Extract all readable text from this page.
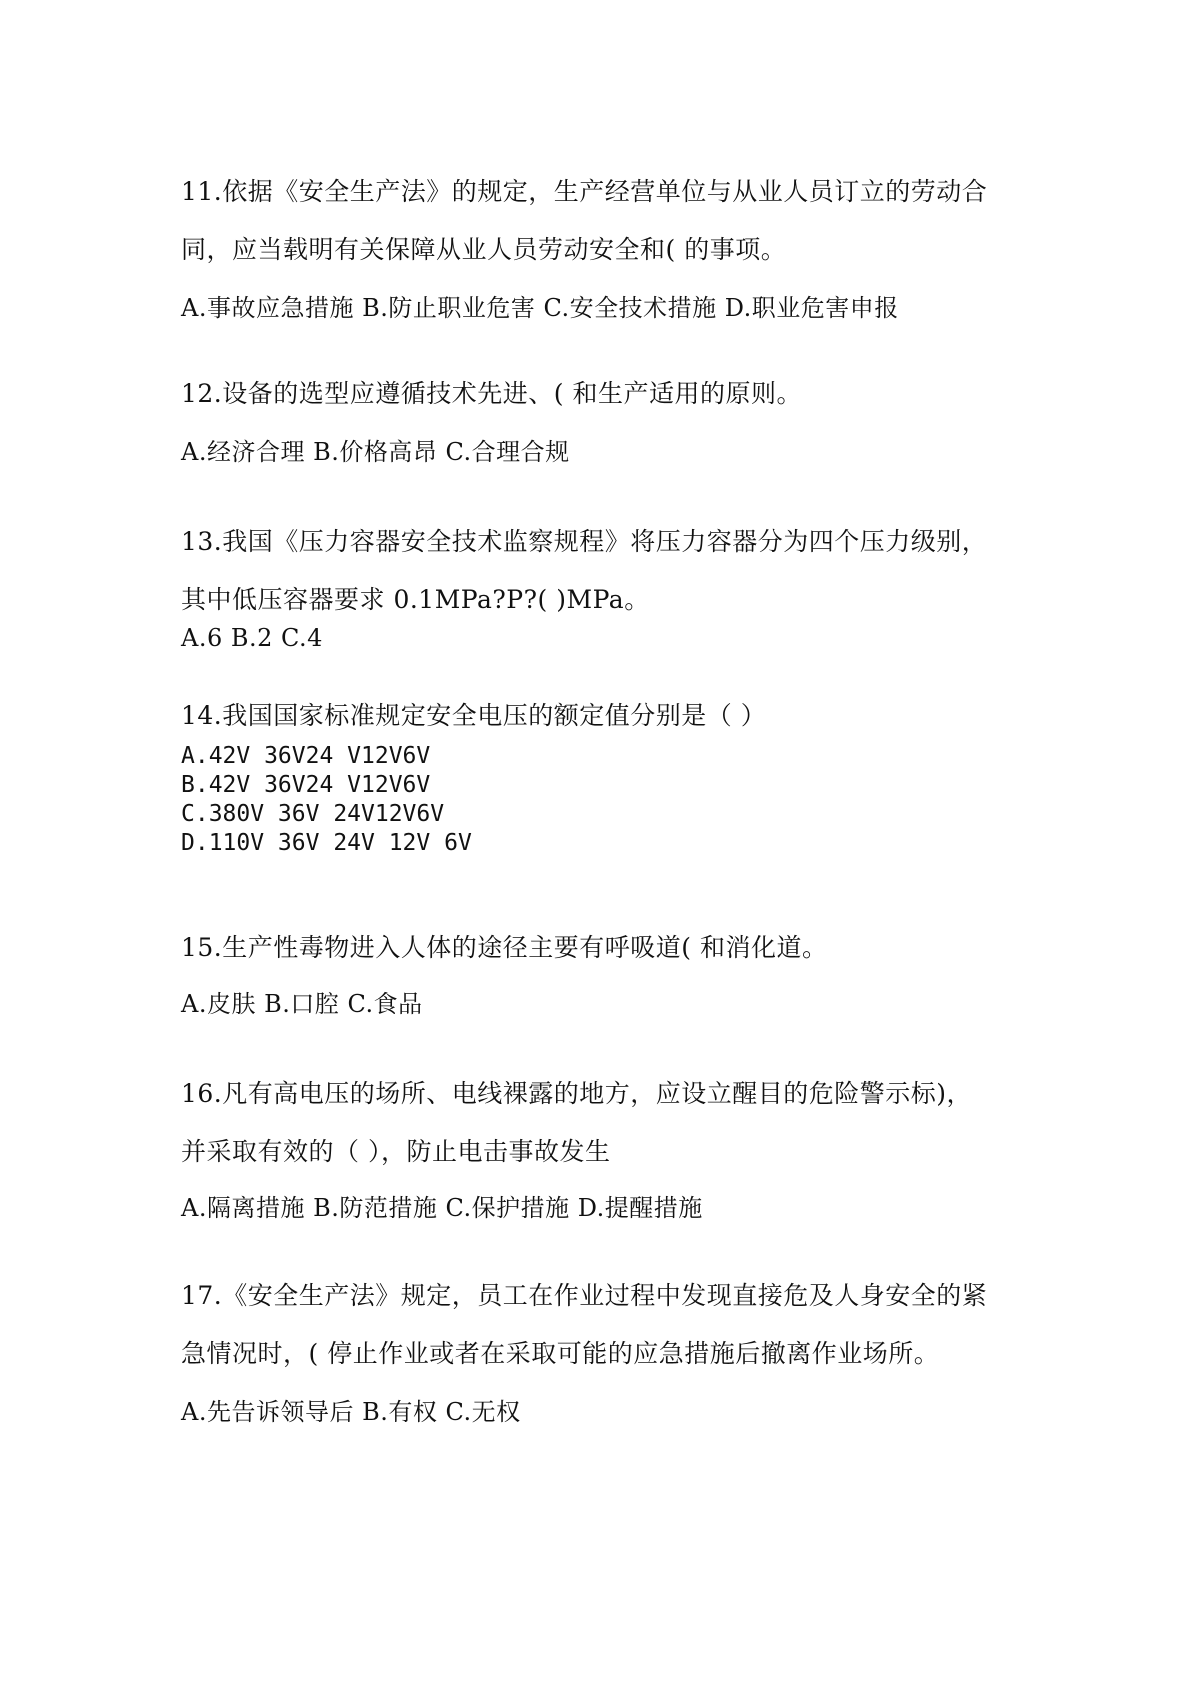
11.依据《安全生产法》的规定，生产经营单位与从业人员订立的劳动合

同，应当载明有关保障从业人员劳动安全和( 的事项。

A.事故应急措施 B.防止职业危害 C.安全技术措施 D.职业危害申报

12.设备的选型应遵循技术先进、( 和生产适用的原则。

A.经济合理 B.价格高昂 C.合理合规

13.我国《压力容器安全技术监察规程》将压力容器分为四个压力级别，

其中低压容器要求 0.1MPa?P?( )MPa。

A.6 B.2 C.4

14.我国国家标准规定安全电压的额定值分别是（ ）

A.42V 36V24 V12V6V

B.42V 36V24 V12V6V

C.380V 36V 24V12V6V

D.110V 36V 24V 12V 6V

15.生产性毒物进入人体的途径主要有呼吸道( 和消化道。

A.皮肤 B.口腔 C.食品

16.凡有高电压的场所、电线裸露的地方，应设立醒目的危险警示标)，

并采取有效的（ ），防止电击事故发生

A.隔离措施 B.防范措施 C.保护措施 D.提醒措施

17.《安全生产法》规定，员工在作业过程中发现直接危及人身安全的紧

急情况时，( 停止作业或者在采取可能的应急措施后撤离作业场所。

A.先告诉领导后 B.有权 C.无权
